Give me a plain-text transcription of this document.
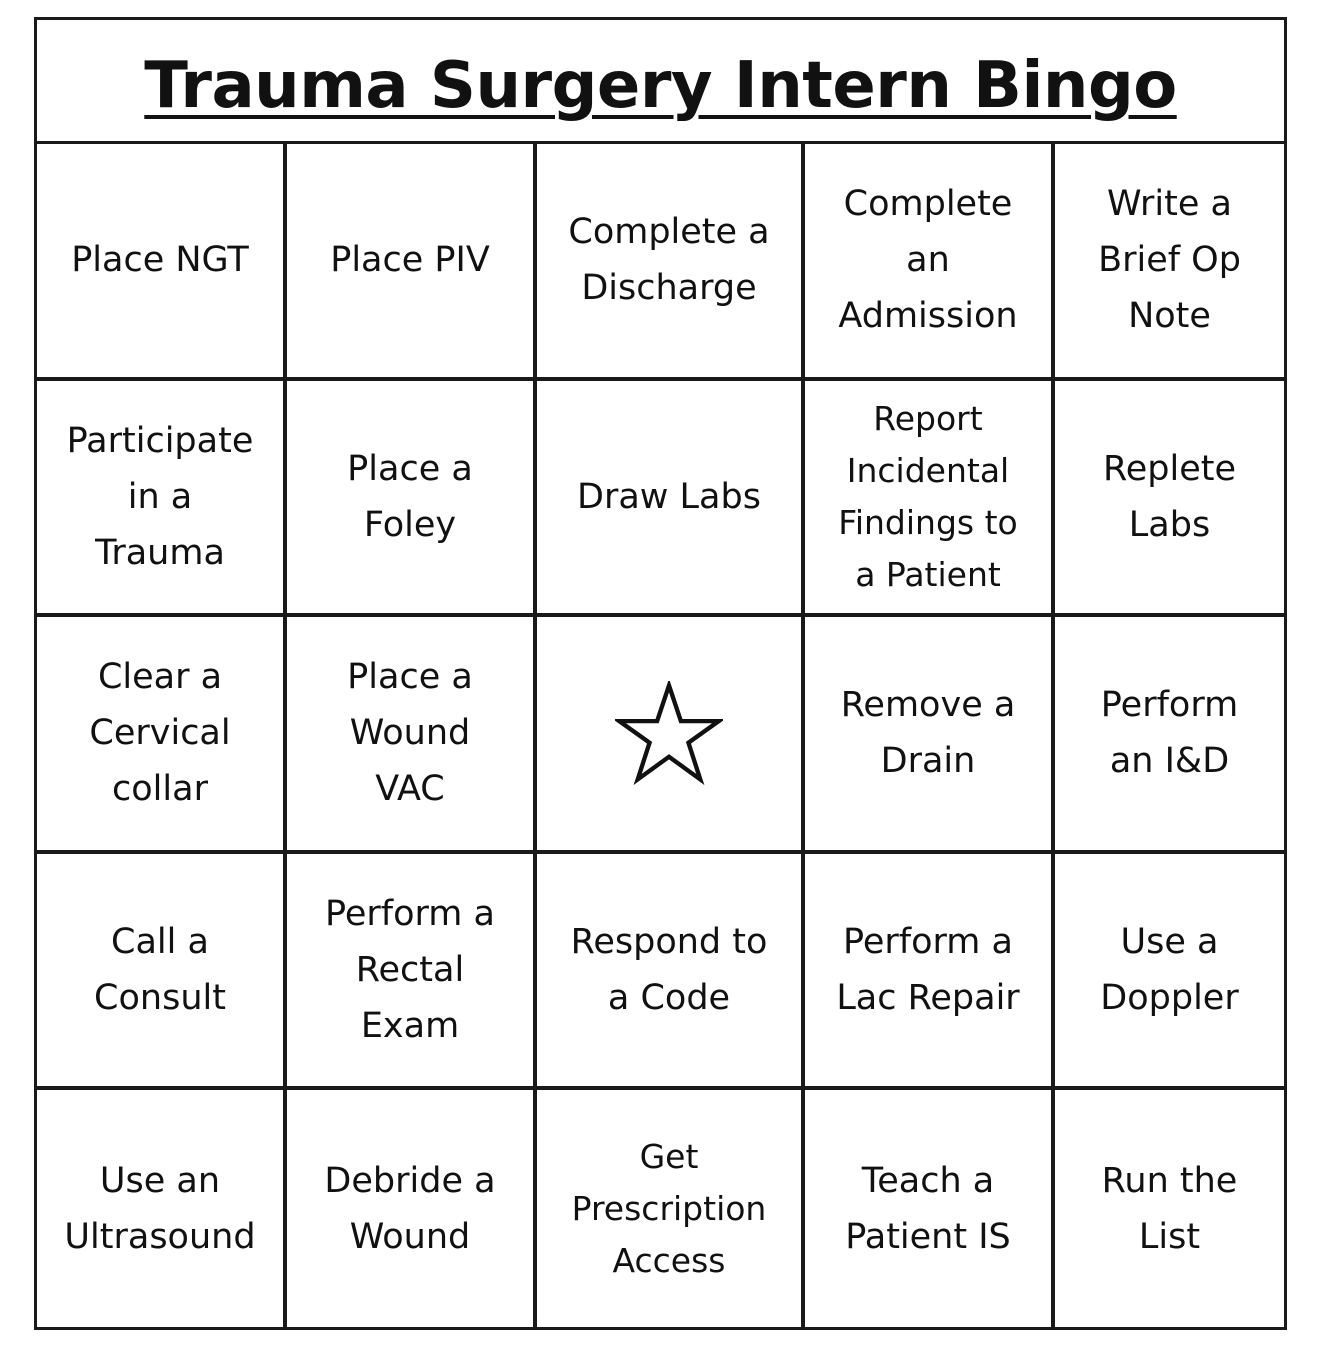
Trauma Surgery Intern Bingo
Place NGT Place PIV
Complete a
Discharge
Complete
an
Admission
Write a
Brief Op
Note
Participate
in a
Trauma
Place a
Foley
Draw Labs
Report
Incidental
Findings to
a Patient
Replete
Labs
Clear a
Cervical
collar
Place a
Wound
VAC
Remove a
Drain
Perform
an I&D
Call a
Consult
Perform a
Rectal
Exam
Respond to
a Code
Perform a
Lac Repair
Use a
Doppler
Use an
Ultrasound
Debride a
Wound
Get
Prescription
Access
Teach a
Patient IS
Run the
List
